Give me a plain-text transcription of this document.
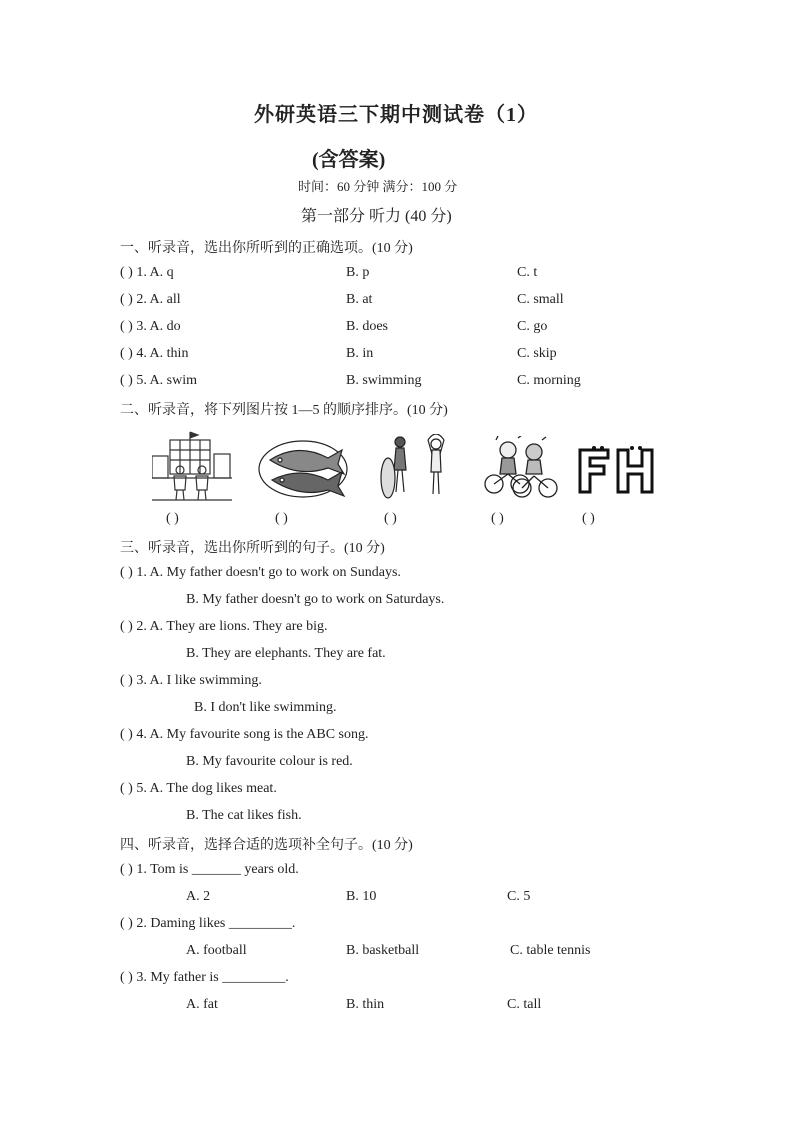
外研英语三下期中测试卷（1）
(含答案)
时间：60 分钟 满分：100 分
第一部分 听力 (40 分)
一、听录音，选出你所听到的正确选项。(10 分)
( ) 1. A. q	B. p	C. t
( ) 2. A. all	B. at	C. small
( ) 3. A. do	B. does	C. go
( ) 4. A. thin	B. in	C. skip
( ) 5. A. swim	B. swimming	C. morning
二、听录音，将下列图片按 1—5 的顺序排序。(10 分)
( )	( )	( )	( )	( )
三、听录音，选出你所听到的句子。(10 分)
( ) 1. A. My father doesn't go to work on Sundays.
B. My father doesn't go to work on Saturdays.
( ) 2. A. They are lions. They are big.
B. They are elephants. They are fat.
( ) 3. A. I like swimming.
B. I don't like swimming.
( ) 4. A. My favourite song is the ABC song.
B. My favourite colour is red.
( ) 5. A. The dog likes meat.
B. The cat likes fish.
四、听录音，选择合适的选项补全句子。(10 分)
( ) 1. Tom is _______ years old.
A. 2	B. 10	C. 5
( ) 2. Daming likes _________.
A. football	B. basketball	C. table tennis
( ) 3. My father is _________.
A. fat	B. thin	C. tall
